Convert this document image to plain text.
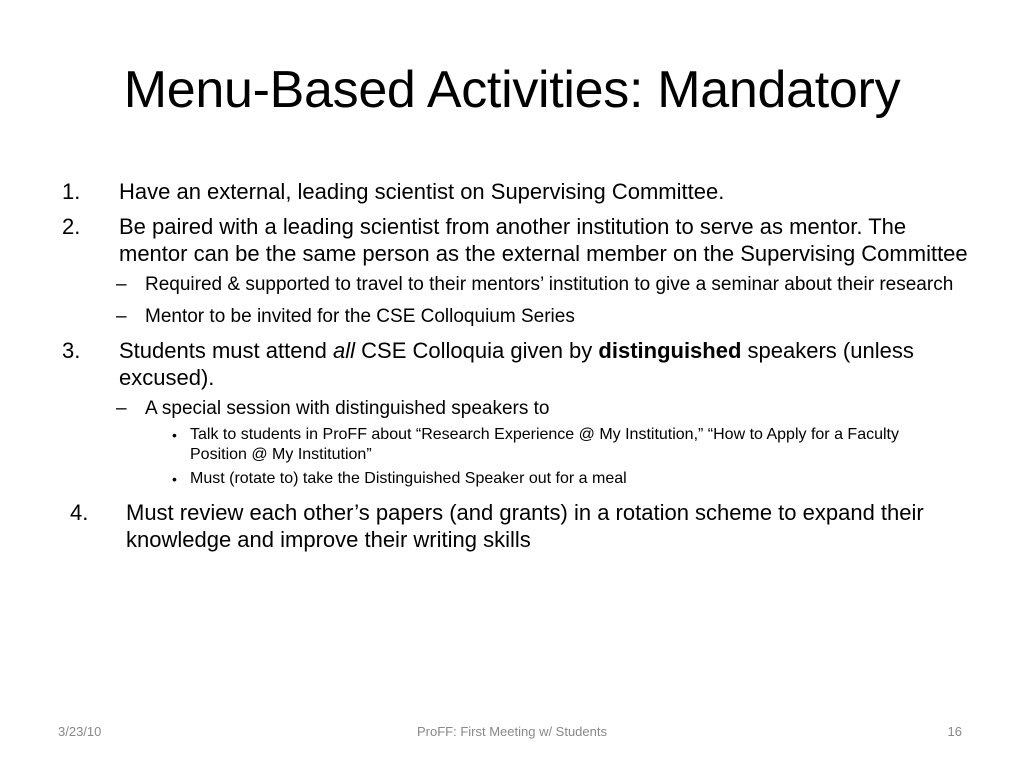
Menu-Based Activities: Mandatory
1. Have an external, leading scientist on Supervising Committee.
2. Be paired with a leading scientist from another institution to serve as mentor. The mentor can be the same person as the external member on the Supervising Committee
– Required & supported to travel to their mentors’ institution to give a seminar about their research
– Mentor to be invited for the CSE Colloquium Series
3. Students must attend all CSE Colloquia given by distinguished speakers (unless excused).
– A special session with distinguished speakers to
• Talk to students in ProFF about “Research Experience @ My Institution,” “How to Apply for a Faculty Position @ My Institution”
• Must (rotate to) take the Distinguished Speaker out for a meal
4. Must review each other’s papers (and grants) in a rotation scheme to expand their knowledge and improve their writing skills
3/23/10	ProFF: First Meeting w/ Students	16
